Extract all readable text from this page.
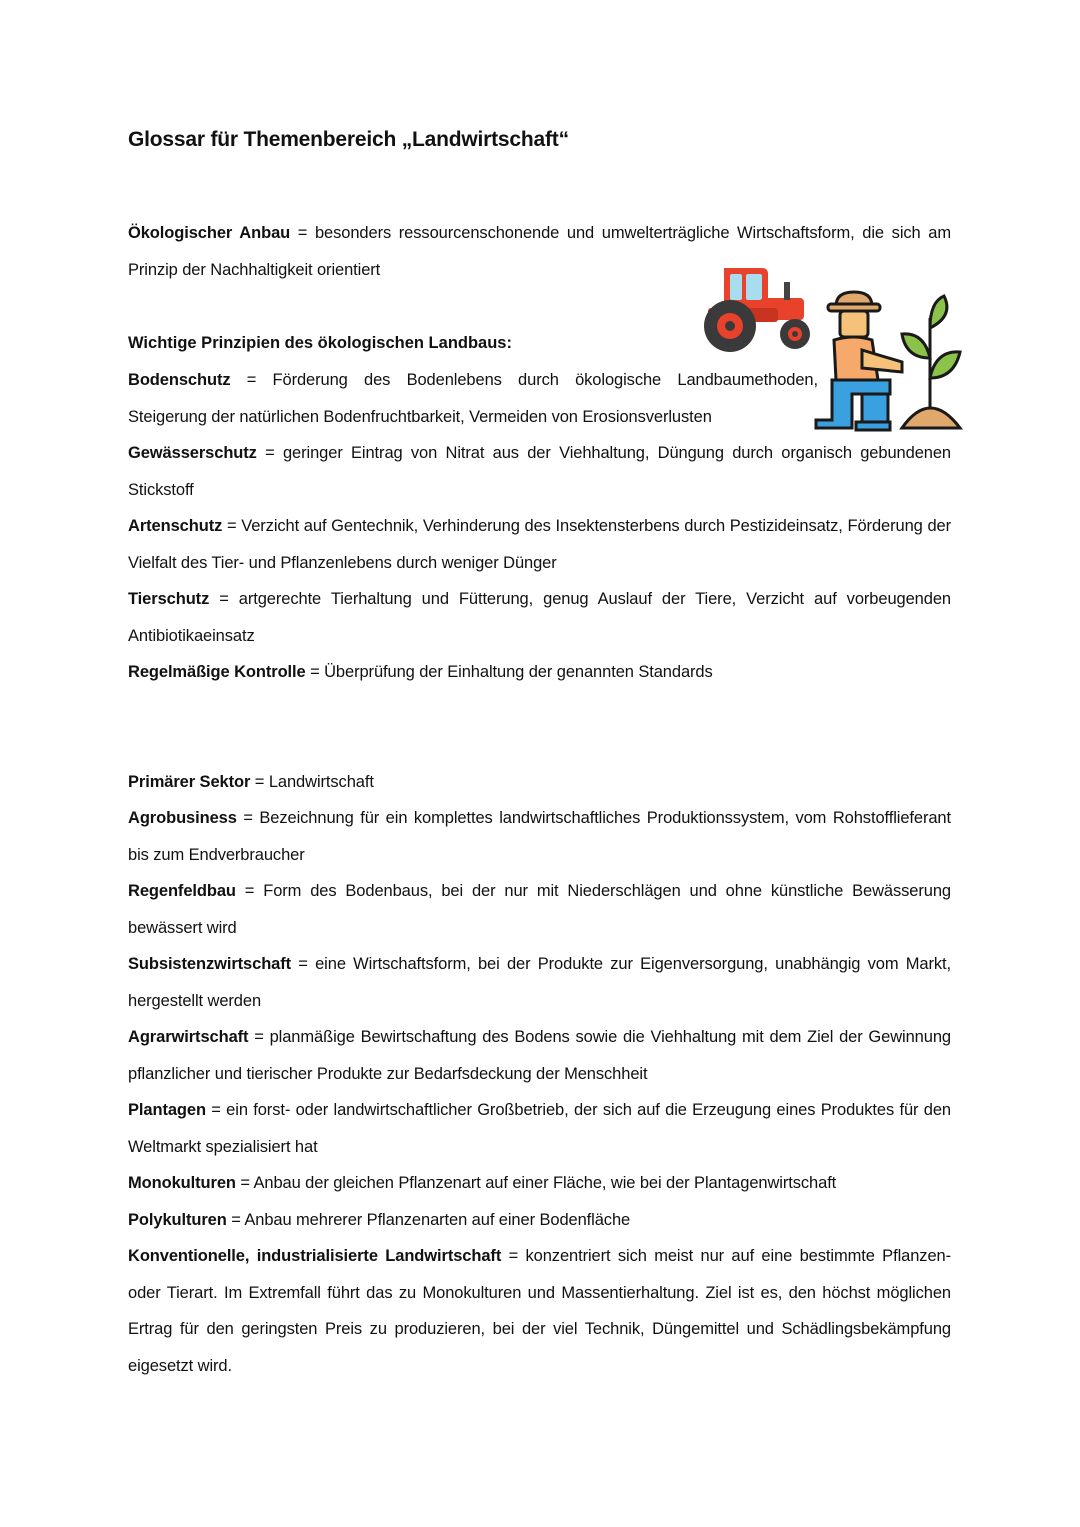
Glossar für Themenbereich „Landwirtschaft“
Ökologischer Anbau = besonders ressourcenschonende und umwelterträgliche Wirtschaftsform, die sich am Prinzip der Nachhaltigkeit orientiert
Wichtige Prinzipien des ökologischen Landbaus:
Bodenschutz = Förderung des Bodenlebens durch ökologische Landbaumethoden, Steigerung der natürlichen Bodenfruchtbarkeit, Vermeiden von Erosionsverlusten
Gewässerschutz = geringer Eintrag von Nitrat aus der Viehhaltung, Düngung durch organisch gebundenen Stickstoff
Artenschutz = Verzicht auf Gentechnik, Verhinderung des Insektensterbens durch Pestizideinsatz, Förderung der Vielfalt des Tier- und Pflanzenlebens durch weniger Dünger
Tierschutz = artgerechte Tierhaltung und Fütterung, genug Auslauf der Tiere, Verzicht auf vorbeugenden Antibiotikaeinsatz
Regelmäßige Kontrolle = Überprüfung der Einhaltung der genannten Standards
Primärer Sektor = Landwirtschaft
Agrobusiness = Bezeichnung für ein komplettes landwirtschaftliches Produktionssystem, vom Rohstofflieferant bis zum Endverbraucher
Regenfeldbau = Form des Bodenbaus, bei der nur mit Niederschlägen und ohne künstliche Bewässerung bewässert wird
Subsistenzwirtschaft = eine Wirtschaftsform, bei der Produkte zur Eigenversorgung, unabhängig vom Markt, hergestellt werden
Agrarwirtschaft = planmäßige Bewirtschaftung des Bodens sowie die Viehhaltung mit dem Ziel der Gewinnung pflanzlicher und tierischer Produkte zur Bedarfsdeckung der Menschheit
Plantagen = ein forst- oder landwirtschaftlicher Großbetrieb, der sich auf die Erzeugung eines Produktes für den Weltmarkt spezialisiert hat
Monokulturen = Anbau der gleichen Pflanzenart auf einer Fläche, wie bei der Plantagenwirtschaft
Polykulturen = Anbau mehrerer Pflanzenarten auf einer Bodenfläche
Konventionelle, industrialisierte Landwirtschaft = konzentriert sich meist nur auf eine bestimmte Pflanzen- oder Tierart. Im Extremfall führt das zu Monokulturen und Massentierhaltung. Ziel ist es, den höchst möglichen Ertrag für den geringsten Preis zu produzieren, bei der viel Technik, Düngemittel und Schädlingsbekämpfung eigesetzt wird.
